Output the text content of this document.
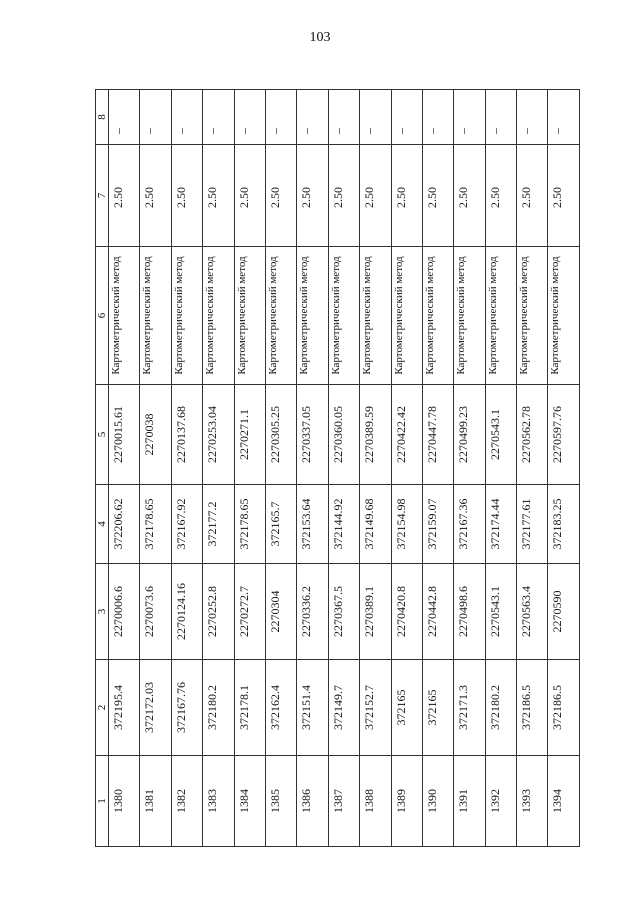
103
1	2	3	4	5	6	7	8
1380	372195.4	2270006.6	372206.62	2270015.61	Картометрический метод	2.50	–
1381	372172.03	2270073.6	372178.65	2270038	Картометрический метод	2.50	–
1382	372167.76	2270124.16	372167.92	2270137.68	Картометрический метод	2.50	–
1383	372180.2	2270252.8	372177.2	2270253.04	Картометрический метод	2.50	–
1384	372178.1	2270272.7	372178.65	2270271.1	Картометрический метод	2.50	–
1385	372162.4	2270304	372165.7	2270305.25	Картометрический метод	2.50	–
1386	372151.4	2270336.2	372153.64	2270337.05	Картометрический метод	2.50	–
1387	372149.7	2270367.5	372144.92	2270360.05	Картометрический метод	2.50	–
1388	372152.7	2270389.1	372149.68	2270389.59	Картометрический метод	2.50	–
1389	372165	2270420.8	372154.98	2270422.42	Картометрический метод	2.50	–
1390	372165	2270442.8	372159.07	2270447.78	Картометрический метод	2.50	–
1391	372171.3	2270498.6	372167.36	2270499.23	Картометрический метод	2.50	–
1392	372180.2	2270543.1	372174.44	2270543.1	Картометрический метод	2.50	–
1393	372186.5	2270563.4	372177.61	2270562.78	Картометрический метод	2.50	–
1394	372186.5	2270590	372183.25	2270597.76	Картометрический метод	2.50	–
